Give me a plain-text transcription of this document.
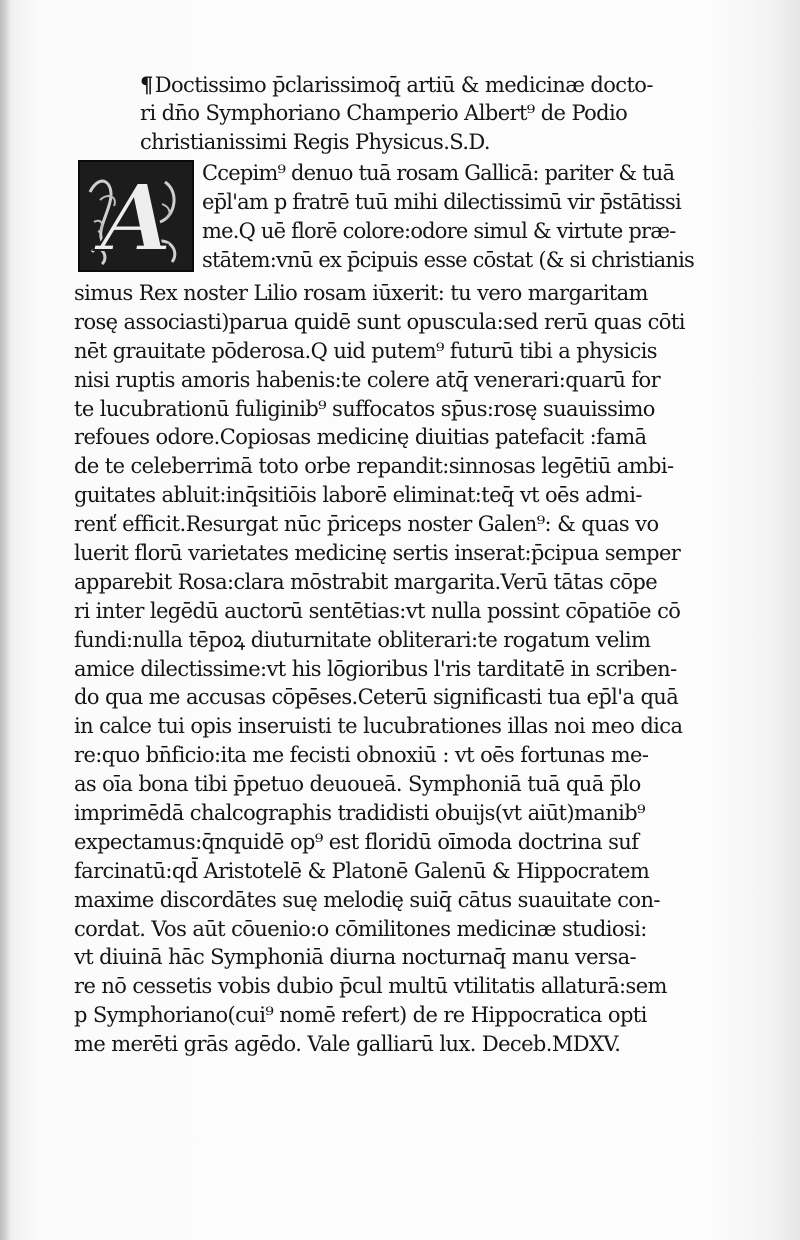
¶Doctissimo p̄clarissimoq̄ artiū & medicinæ docto-
ri dn̄o Symphoriano Champerio Albert⁹ de Podio
christianissimi Regis Physicus.S.D.
A Ccepim⁹ denuo tuā rosam Gallicā: pariter & tuā
ep̄l'am p fratrē tuū mihi dilectissimū vir p̄stātissi
me.Q uē florē colore:odore simul & virtute præ-
stātem:vnū ex p̄cipuis esse cōstat (& si christianis
simus Rex noster Lilio rosam iūxerit: tu vero margaritam
rosę associasti)parua quidē sunt opuscula:sed rerū quas cōti
nēt grauitate pōderosa.Q uid putem⁹ futurū tibi a physicis
nisi ruptis amoris habenis:te colere atq̄ venerari:quarū for
te lucubrationū fuliginib⁹ suffocatos sp̄us:rosę suauissimo
refoues odore.Copiosas medicinę diuitias patefacit :famā
de te celeberrimā toto orbe repandit:sinnosas legētiū ambi-
guitates abluit:inq̄sitiōis laborē eliminat:teq̄ vt oēs admi-
renť efficit.Resurgat nūc p̄riceps noster Galen⁹: & quas vo
luerit florū varietates medicinę sertis inserat:p̄cipua semper
apparebit Rosa:clara mōstrabit margarita.Verū tātas cōpe
ri inter legēdū auctorū sentētias:vt nulla possint cōpatiōe cō
fundi:nulla tēpoꝝ diuturnitate obliterari:te rogatum velim
amice dilectissime:vt his lōgioribus l'ris tarditatē in scriben-
do qua me accusas cōpēses.Ceterū significasti tua ep̄l'a quā
in calce tui opis inseruisti te lucubrationes illas noi meo dica
re:quo bn̄ficio:ita me fecisti obnoxiū : vt oēs fortunas me-
as oīa bona tibi p̄petuo deuoueā. Symphoniā tuā quā p̄lo
imprimēdā chalcographis tradidisti obuijs(vt aiūt)manib⁹
expectamus:q̄nquidē op⁹ est floridū oīmoda doctrina suf
farcinatū:qd̄ Aristotelē & Platonē Galenū & Hippocratem
maxime discordātes suę melodię suiq̄ cātus suauitate con-
cordat. Vos aūt cōuenio:o cōmilitones medicinæ studiosi:
vt diuinā hāc Symphoniā diurna nocturnaq̄ manu versa-
re nō cessetis vobis dubio p̄cul multū vtilitatis allaturā:sem
p Symphoriano(cui⁹ nomē refert) de re Hippocratica opti
me merēti grās agēdo. Vale galliarū lux. Deceb.MDXV.
